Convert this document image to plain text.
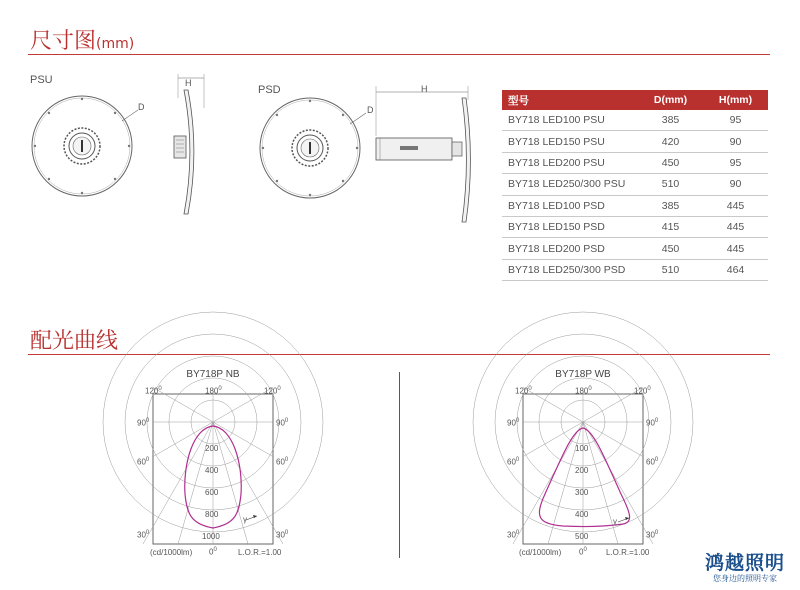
尺寸图(mm)
PSU
PSD
D
H
D
H
型号	D(mm)	H(mm)
BY718 LED100 PSU	385	95
BY718 LED150 PSU	420	90
BY718 LED200 PSU	450	95
BY718 LED250/300 PSU	510	90
BY718 LED100 PSD	385	445
BY718 LED150 PSD	415	445
BY718 LED200 PSD	450	445
BY718 LED250/300 PSD	510	464
配光曲线
BY718P NB
$120^0$	$180^0$	$120^0$
$90^0$	$90^0$
$60^0$	$60^0$
$30^0$	$30^0$
$0^0$
200
400
600
800
1000
γ
(cd/1000lm)	L.O.R.=1.00
BY718P WB
$120^0$	$180^0$	$120^0$
$90^0$	$90^0$
$60^0$	$60^0$
$30^0$	$30^0$
$0^0$
100
200
300
400
500
γ
(cd/1000lm)	L.O.R.=1.00	鸿越照明
您身边的照明专家
